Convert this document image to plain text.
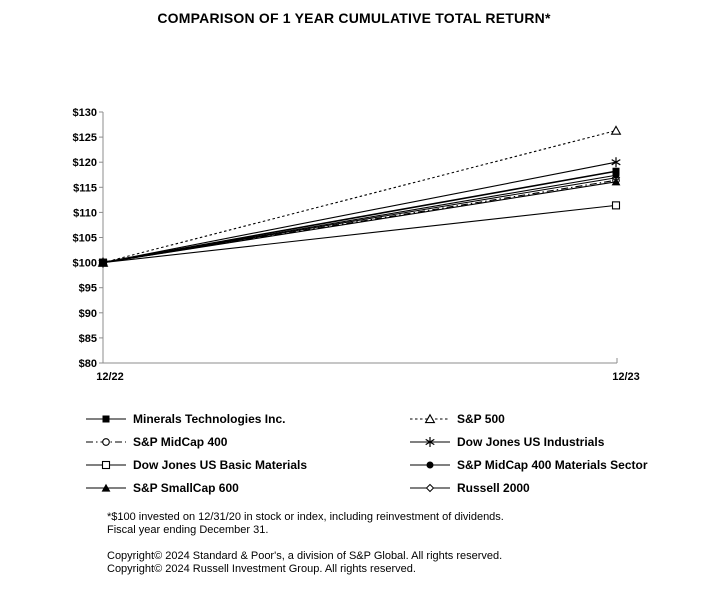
COMPARISON OF 1 YEAR CUMULATIVE TOTAL RETURN*
$130
$125
$120
$115
$110
$105
$100
$95
$90
$85
$80
12/22	12/23
Minerals Technologies Inc.	S&P 500
S&P MidCap 400	Dow Jones US Industrials
Dow Jones US Basic Materials	S&P MidCap 400 Materials Sector
S&P SmallCap 600	Russell 2000
*$100 invested on 12/31/20 in stock or index, including reinvestment of dividends.
Fiscal year ending December 31.
Copyright© 2024 Standard & Poor's, a division of S&P Global. All rights reserved.
Copyright© 2024 Russell Investment Group. All rights reserved.
